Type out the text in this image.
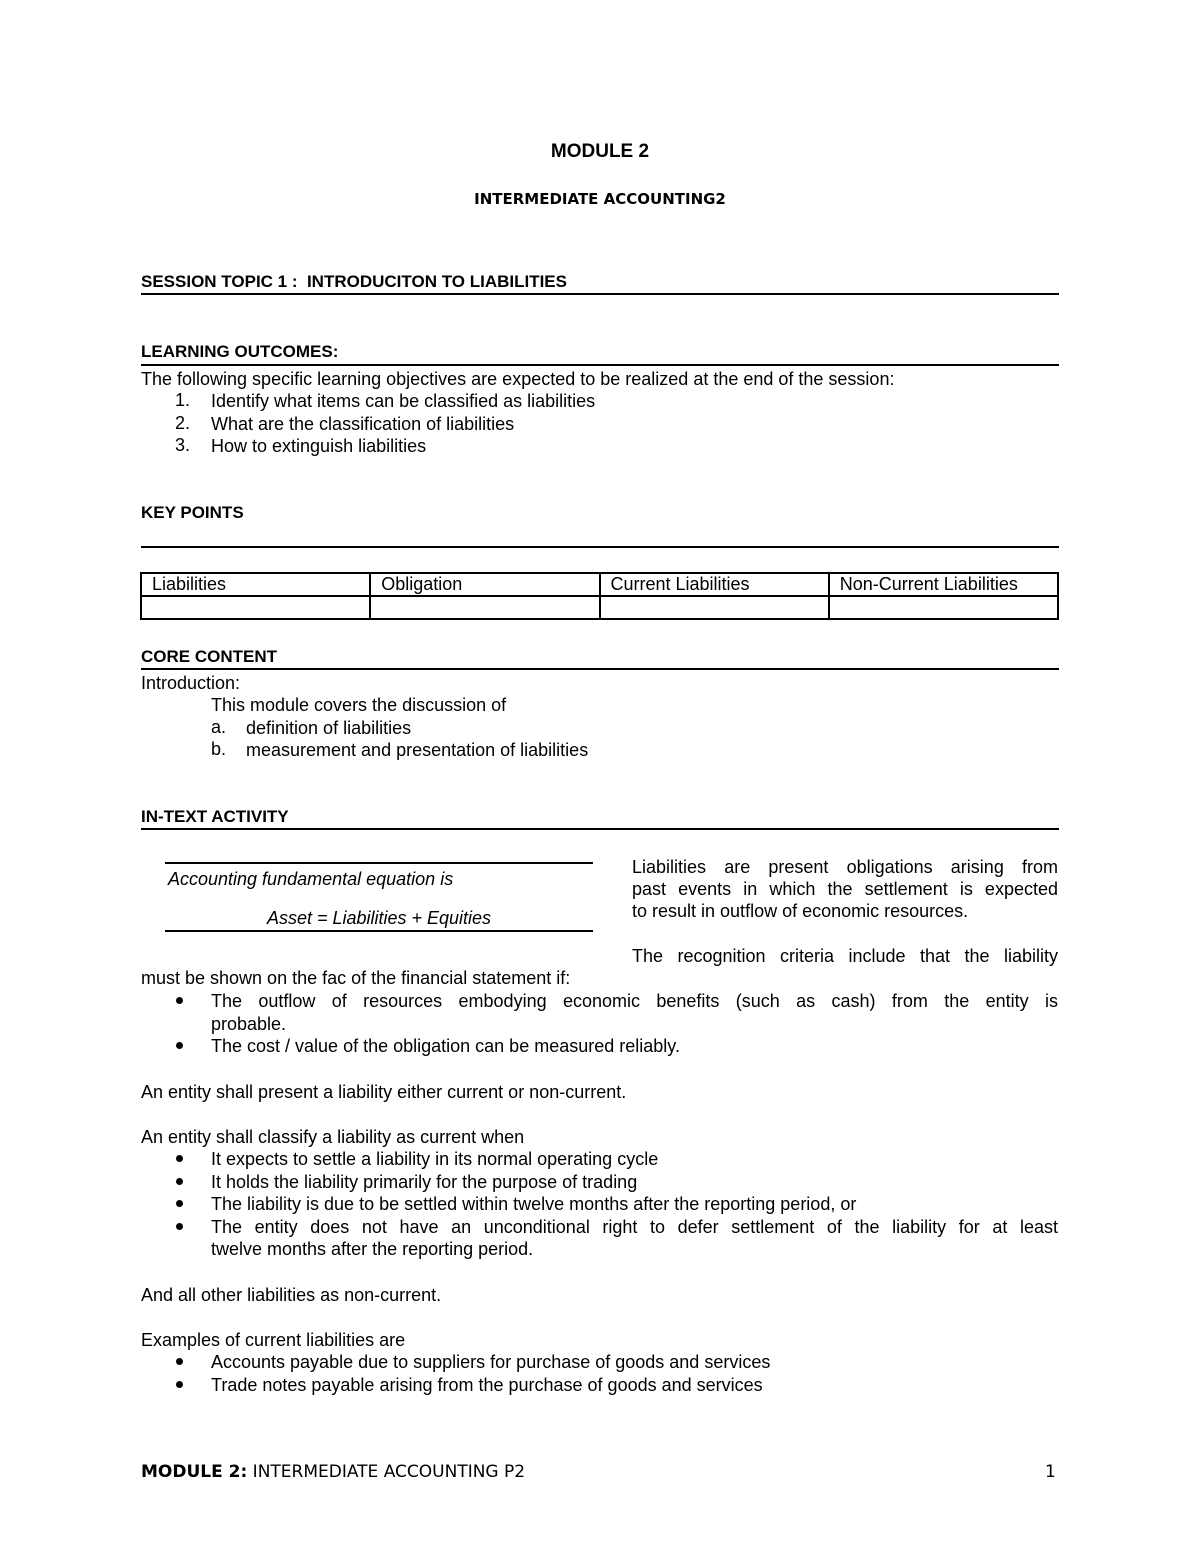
MODULE 2
INTERMEDIATE ACCOUNTING2
SESSION TOPIC 1 :  INTRODUCITON TO LIABILITIES
LEARNING OUTCOMES:
The following specific learning objectives are expected to be realized at the end of the session:
1. Identify what items can be classified as liabilities
2. What are the classification of liabilities
3. How to extinguish liabilities
KEY POINTS
Liabilities	Obligation	Current Liabilities	Non-Current Liabilities

CORE CONTENT
Introduction:
This module covers the discussion of
a. definition of liabilities
b. measurement and presentation of liabilities
IN-TEXT ACTIVITY
Accounting fundamental equation is
Asset = Liabilities + Equities
Liabilities  are  present  obligations  arising  from
past events in which the settlement is expected
to result in outflow of economic resources.
The  recognition  criteria  include  that  the  liability
must be shown on the fac of the financial statement if:
The  outflow  of  resources  embodying  economic  benefits  (such  as  cash)  from  the  entity  is
probable.
The cost / value of the obligation can be measured reliably.
An entity shall present a liability either current or non-current.
An entity shall classify a liability as current when
It expects to settle a liability in its normal operating cycle
It holds the liability primarily for the purpose of trading
The liability is due to be settled within twelve months after the reporting period, or
The entity does not have an unconditional right to defer settlement of the liability for at least
twelve months after the reporting period.
And all other liabilities as non-current.
Examples of current liabilities are
Accounts payable due to suppliers for purchase of goods and services
Trade notes payable arising from the purchase of goods and services
MODULE 2: INTERMEDIATE ACCOUNTING P2	1
